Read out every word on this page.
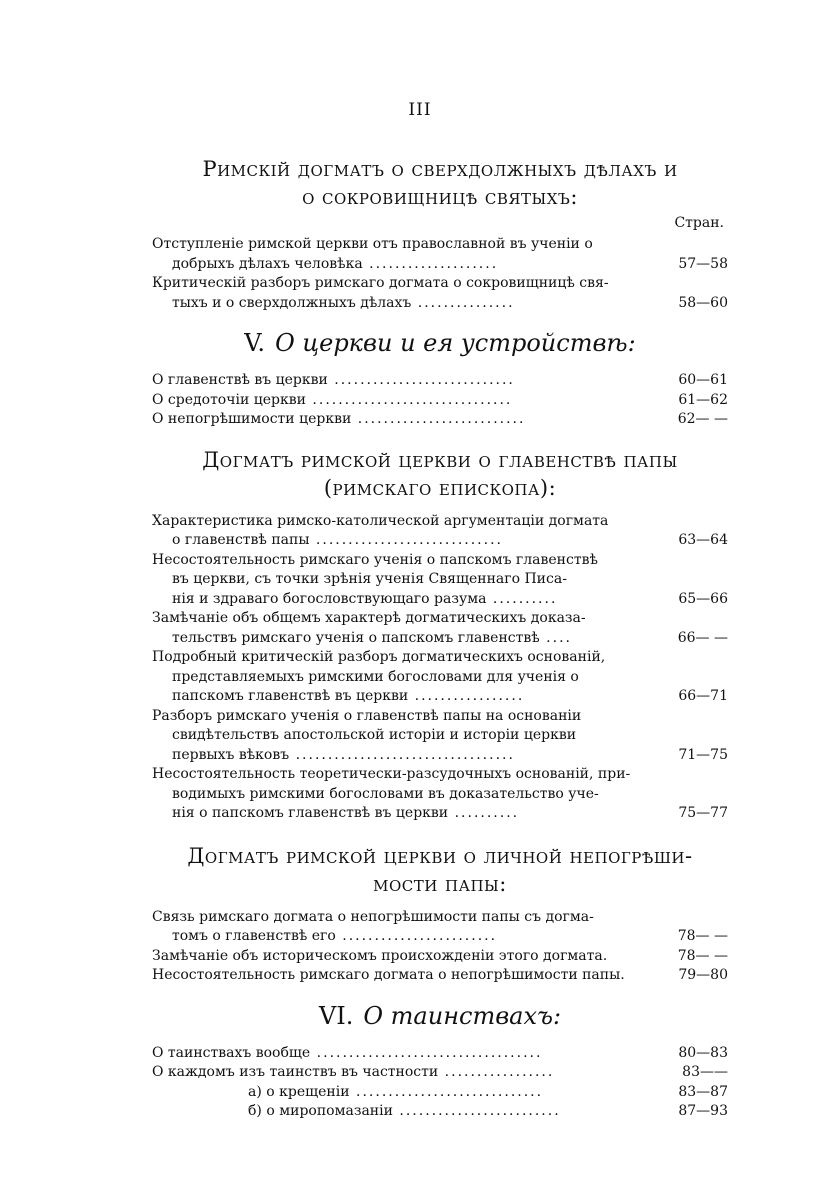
III
Римскій догматъ о сверхдолжныхъ дѣлахъ и
о сокровищницѣ святыхъ:
Стран.
Отступленіе римской церкви отъ православной въ ученіи о
добрыхъ дѣлахъ человѣка ....................	57—58
Критическій разборъ римскаго догмата о сокровищницѣ свя-
тыхъ и о сверхдолжныхъ дѣлахъ ...............	58—60
V. О церкви и ея устройствѣ:
О главенствѣ въ церкви ............................	60—61
О средоточіи церкви ...............................	61—62
О непогрѣшимости церкви ..........................	62— —
Догматъ римской церкви о главенствѣ папы
(римскаго епископа):
Характеристика римско-католической аргументаціи догмата
о главенствѣ папы .............................	63—64
Несостоятельность римскаго ученія о папскомъ главенствѣ
въ церкви, съ точки зрѣнія ученія Священнаго Писа-
нія и здраваго богословствующаго разума ..........	65—66
Замѣчаніе объ общемъ характерѣ догматическихъ доказа-
тельствъ римскаго ученія о папскомъ главенствѣ ....	66— —
Подробный критическій разборъ догматическихъ основаній,
представляемыхъ римскими богословами для ученія о
папскомъ главенствѣ въ церкви .................	66—71
Разборъ римскаго ученія о главенствѣ папы на основаніи
свидѣтельствъ апостольской исторіи и исторіи церкви
первыхъ вѣковъ ..................................	71—75
Несостоятельность теоретически-разсудочныхъ основаній, при-
водимыхъ римскими богословами въ доказательство уче-
нія о папскомъ главенствѣ въ церкви ..........	75—77
Догматъ римской церкви о личной непогрѣши-
мости папы:
Связь римскаго догмата о непогрѣшимости папы съ догма-
томъ о главенствѣ его ........................	78— —
Замѣчаніе объ историческомъ происхожденіи этого догмата.	78— —
Несостоятельность римскаго догмата о непогрѣшимости папы.	79—80
VI. О таинствахъ:
О таинствахъ вообще ...................................	80—83
О каждомъ изъ таинствъ въ частности .................	83——
а) о крещеніи .............................	83—87
б) о миропомазаніи .........................	87—93
